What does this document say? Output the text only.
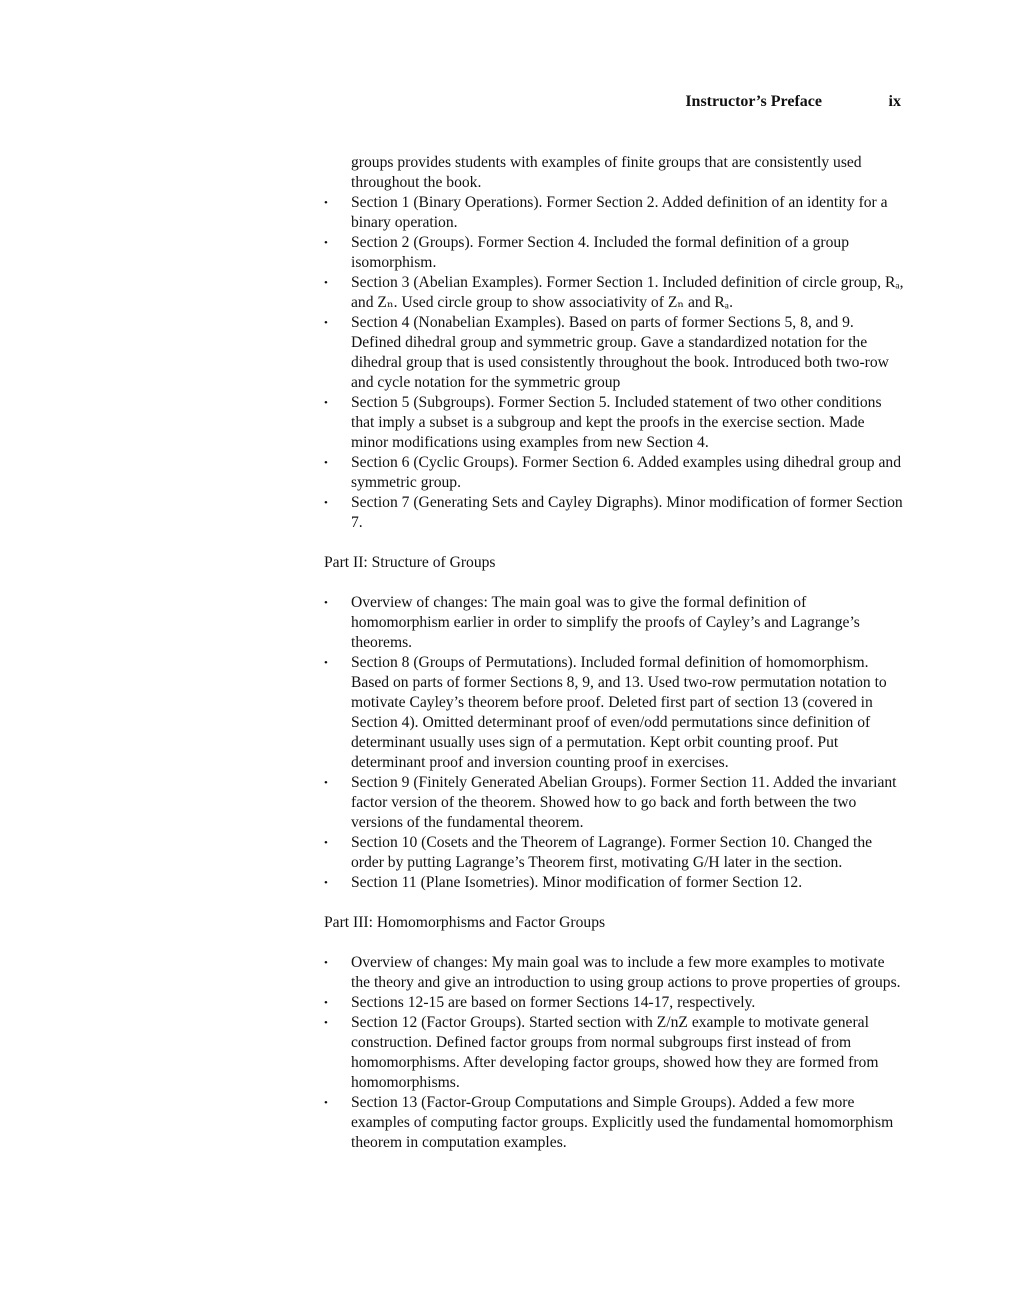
Instructor’s Preface	ix
groups provides students with examples of finite groups that are consistently used throughout the book.
•	Section 1 (Binary Operations). Former Section 2. Added definition of an identity for a binary operation.
•	Section 2 (Groups). Former Section 4. Included the formal definition of a group isomorphism.
•	Section 3 (Abelian Examples). Former Section 1. Included definition of circle group, Rₐ, and Zₙ. Used circle group to show associativity of Zₙ and Rₐ.
•	Section 4 (Nonabelian Examples). Based on parts of former Sections 5, 8, and 9. Defined dihedral group and symmetric group. Gave a standardized notation for the dihedral group that is used consistently throughout the book. Introduced both two-row and cycle notation for the symmetric group
•	Section 5 (Subgroups). Former Section 5. Included statement of two other conditions that imply a subset is a subgroup and kept the proofs in the exercise section. Made minor modifications using examples from new Section 4.
•	Section 6 (Cyclic Groups). Former Section 6. Added examples using dihedral group and symmetric group.
•	Section 7 (Generating Sets and Cayley Digraphs). Minor modification of former Section 7.
Part II: Structure of Groups
•	Overview of changes: The main goal was to give the formal definition of homomorphism earlier in order to simplify the proofs of Cayley’s and Lagrange’s theorems.
•	Section 8 (Groups of Permutations). Included formal definition of homomorphism. Based on parts of former Sections 8, 9, and 13. Used two-row permutation notation to motivate Cayley’s theorem before proof. Deleted first part of section 13 (covered in Section 4). Omitted determinant proof of even/odd permutations since definition of determinant usually uses sign of a permutation. Kept orbit counting proof. Put determinant proof and inversion counting proof in exercises.
•	Section 9 (Finitely Generated Abelian Groups). Former Section 11. Added the invariant factor version of the theorem. Showed how to go back and forth between the two versions of the fundamental theorem.
•	Section 10 (Cosets and the Theorem of Lagrange). Former Section 10. Changed the order by putting Lagrange’s Theorem first, motivating G/H later in the section.
•	Section 11 (Plane Isometries). Minor modification of former Section 12.
Part III: Homomorphisms and Factor Groups
•	Overview of changes: My main goal was to include a few more examples to motivate the theory and give an introduction to using group actions to prove properties of groups.
•	Sections 12-15 are based on former Sections 14-17, respectively.
•	Section 12 (Factor Groups). Started section with Z/nZ example to motivate general construction. Defined factor groups from normal subgroups first instead of from homomorphisms. After developing factor groups, showed how they are formed from homomorphisms.
•	Section 13 (Factor-Group Computations and Simple Groups). Added a few more examples of computing factor groups. Explicitly used the fundamental homomorphism theorem in computation examples.
